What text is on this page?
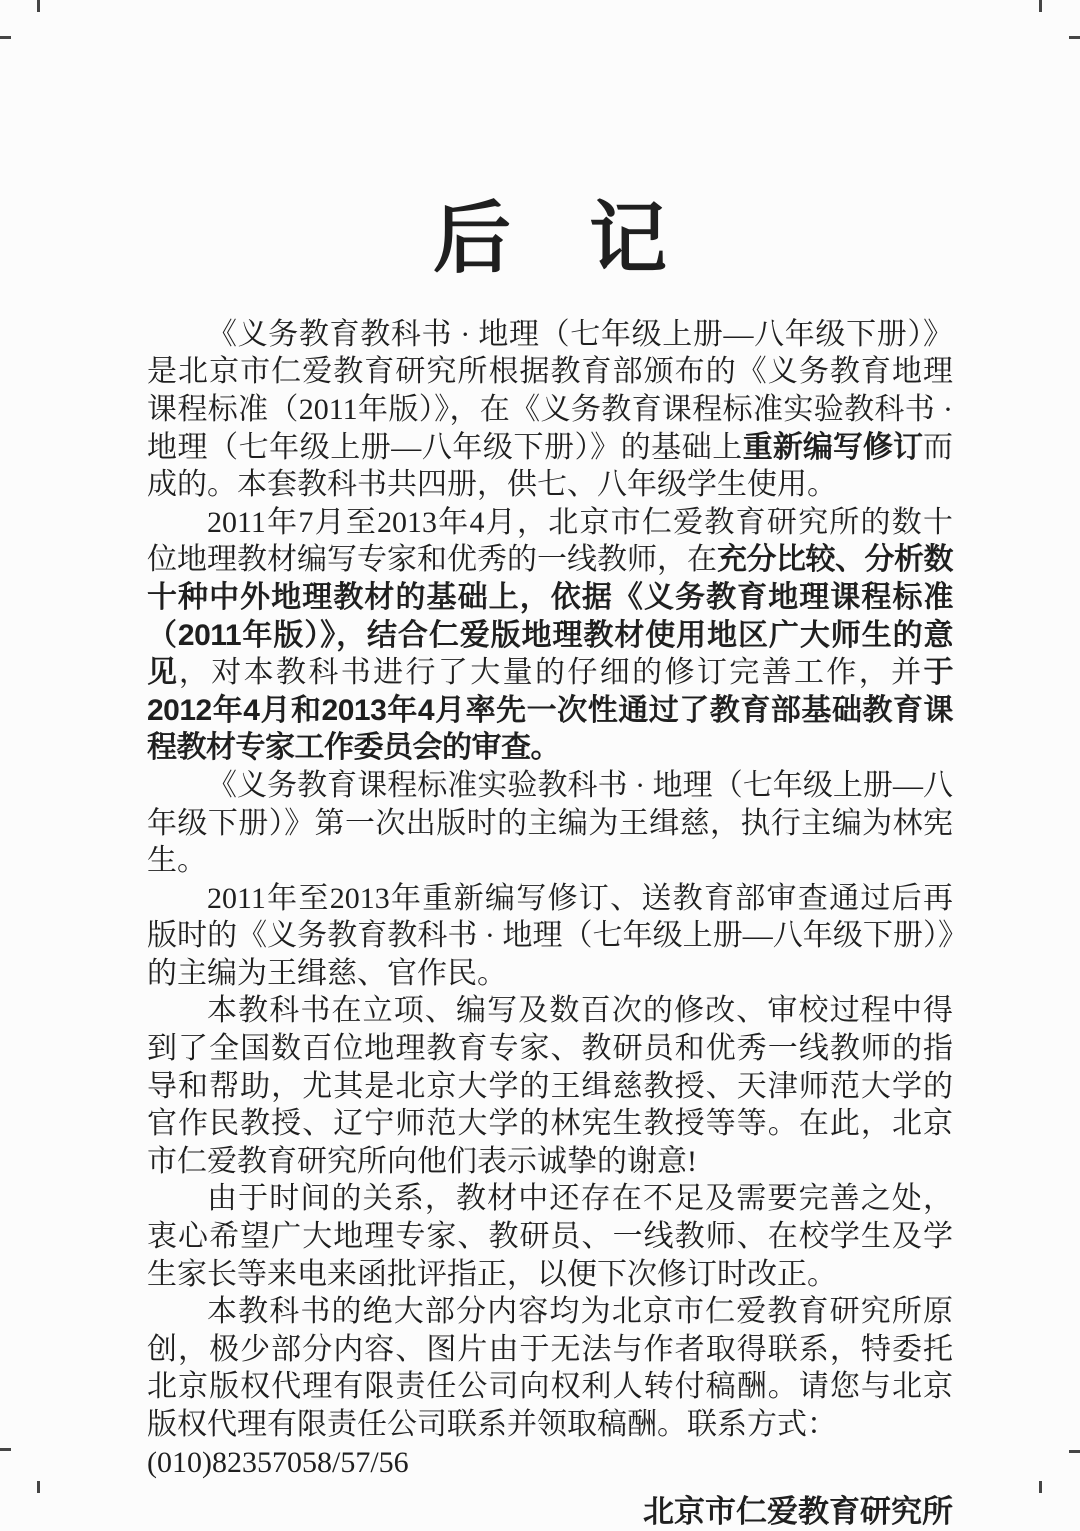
后　记

《义务教育教科书 · 地理（七年级上册—八年级下册）》是北京市仁爱教育研究所根据教育部颁布的《义务教育地理课程标准（2011年版）》，在《义务教育课程标准实验教科书 · 地理（七年级上册—八年级下册）》的基础上重新编写修订而成的。本套教科书共四册，供七、八年级学生使用。

2011年7月至2013年4月，北京市仁爱教育研究所的数十位地理教材编写专家和优秀的一线教师，在充分比较、分析数十种中外地理教材的基础上，依据《义务教育地理课程标准（2011年版）》，结合仁爱版地理教材使用地区广大师生的意见，对本教科书进行了大量的仔细的修订完善工作，并于2012年4月和2013年4月率先一次性通过了教育部基础教育课程教材专家工作委员会的审查。

《义务教育课程标准实验教科书 · 地理（七年级上册—八年级下册）》第一次出版时的主编为王缉慈，执行主编为林宪生。

2011年至2013年重新编写修订、送教育部审查通过后再版时的《义务教育教科书 · 地理（七年级上册—八年级下册）》的主编为王缉慈、官作民。

本教科书在立项、编写及数百次的修改、审校过程中得到了全国数百位地理教育专家、教研员和优秀一线教师的指导和帮助，尤其是北京大学的王缉慈教授、天津师范大学的官作民教授、辽宁师范大学的林宪生教授等等。在此，北京市仁爱教育研究所向他们表示诚挚的谢意!

由于时间的关系，教材中还存在不足及需要完善之处，衷心希望广大地理专家、教研员、一线教师、在校学生及学生家长等来电来函批评指正，以便下次修订时改正。

本教科书的绝大部分内容均为北京市仁爱教育研究所原创，极少部分内容、图片由于无法与作者取得联系，特委托北京版权代理有限责任公司向权利人转付稿酬。请您与北京版权代理有限责任公司联系并领取稿酬。联系方式：

(010)82357058/57/56

北京市仁爱教育研究所
